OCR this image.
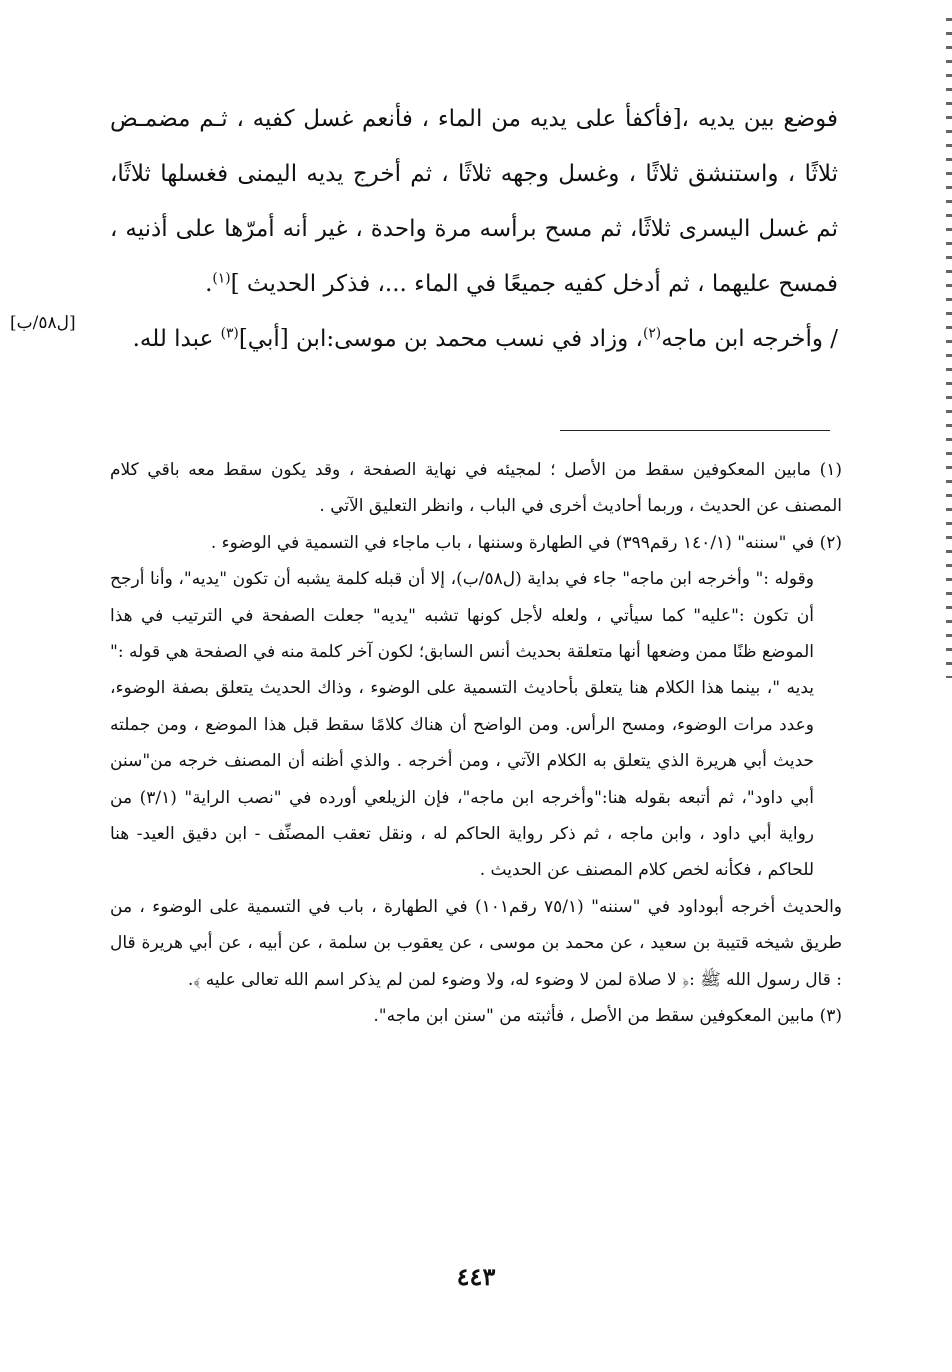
فوضع بين يديه ،[فأكفأ على يديه من الماء ، فأنعم غسل كفيه ، ثـم مضمـض ثلاثًا ، واستنشق ثلاثًا ، وغسل وجهه ثلاثًا ، ثم أخرج يديه اليمنى فغسلها ثلاثًا، ثم غسل اليسرى ثلاثًا، ثم مسح برأسه مرة واحدة ، غير أنه أمرّها على أذنيه ، فمسح عليهما ، ثم أدخل كفيه جميعًا في الماء ...، فذكر الحديث ]$^{(١)}$.

/ وأخرجه ابن ماجه$^{(٢)}$، وزاد في نسب محمد بن موسى:ابن [أبي]$^{(٣)}$ عبدا لله.

[ل٥٨/ب]

(١) مابين المعكوفين سقط من الأصل ؛ لمجيئه في نهاية الصفحة ، وقد يكون سقط معه باقي كلام المصنف عن الحديث ، وربما أحاديث أخرى في الباب ، وانظر التعليق الآتي .

(٢) في "سننه" (١٤٠/١ رقم٣٩٩) في الطهارة وسننها ، باب ماجاء في التسمية في الوضوء .

وقوله :" وأخرجه ابن ماجه" جاء في بداية (ل٥٨/ب)، إلا أن قبله كلمة يشبه أن تكون "يديه"، وأنا أرجح أن تكون :"عليه" كما سيأتي ، ولعله لأجل كونها تشبه "يديه" جعلت الصفحة في الترتيب في هذا الموضع ظنًا ممن وضعها أنها متعلقة بحديث أنس السابق؛ لكون آخر كلمة منه في الصفحة هي قوله :" يديه "، بينما هذا الكلام هنا يتعلق بأحاديث التسمية على الوضوء ، وذاك الحديث يتعلق بصفة الوضوء، وعدد مرات الوضوء، ومسح الرأس. ومن الواضح أن هناك كلامًا سقط قبل هذا الموضع ، ومن جملته حديث أبي هريرة الذي يتعلق به الكلام الآتي ، ومن أخرجه . والذي أظنه أن المصنف خرجه من"سنن أبي داود"، ثم أتبعه بقوله هنا:"وأخرجه ابن ماجه"، فإن الزيلعي أورده في "نصب الراية" (٣/١) من رواية أبي داود ، وابن ماجه ، ثم ذكر رواية الحاكم له ، ونقل تعقب المصنِّف - ابن دقيق العيد- هنا للحاكم ، فكأنه لخص كلام المصنف عن الحديث .

والحديث أخرجه أبوداود في "سننه" (٧٥/١ رقم١٠١) في الطهارة ، باب في التسمية على الوضوء ، من طريق شيخه قتيبة بن سعيد ، عن محمد بن موسى ، عن يعقوب بن سلمة ، عن أبيه ، عن أبي هريرة قال : قال رسول الله ﷺ :﴿ لا صلاة لمن لا وضوء له، ولا وضوء لمن لم يذكر اسم الله تعالى عليه ﴾.

(٣) مابين المعكوفين سقط من الأصل ، فأثبته من "سنن ابن ماجه".

٤٤٣
